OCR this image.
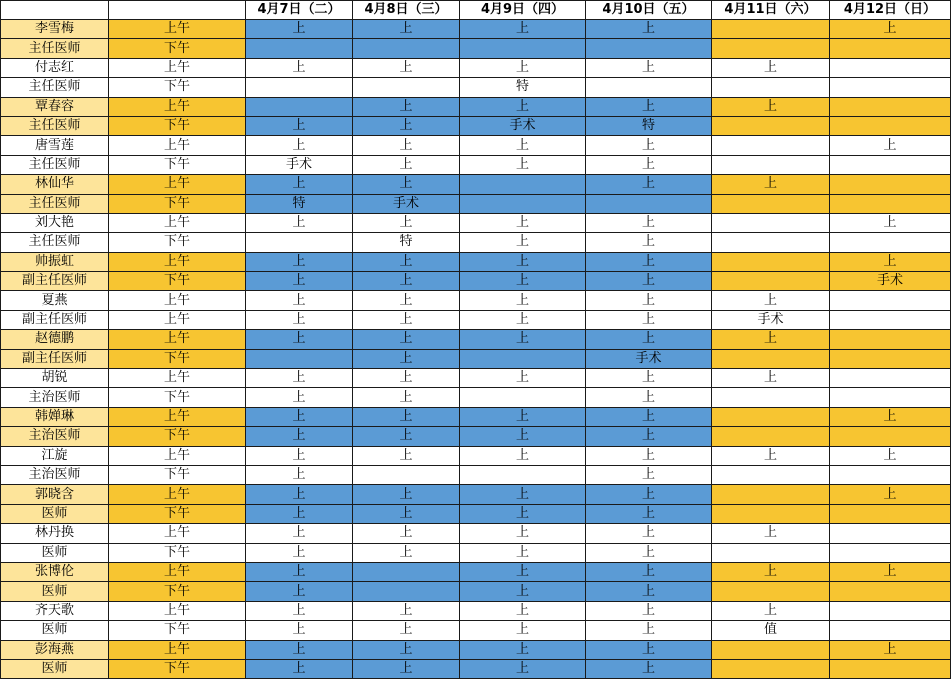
		4月7日（二）	4月8日（三）	4月9日（四）	4月10日（五）	4月11日（六）	4月12日（日）
李雪梅	上午	上	上	上	上		上
主任医师	下午						
付志红	上午	上	上	上	上	上	
主任医师	下午			特			
覃春容	上午		上	上	上	上	
主任医师	下午	上	上	手术	特		
唐雪莲	上午	上	上	上	上		上
主任医师	下午	手术	上	上	上		
林仙华	上午	上	上		上	上	
主任医师	下午	特	手术				
刘大艳	上午	上	上	上	上		上
主任医师	下午		特	上	上		
帅振虹	上午	上	上	上	上		上
副主任医师	下午	上	上	上	上		手术
夏燕	上午	上	上	上	上	上	
副主任医师	上午	上	上	上	上	手术	
赵德鹏	上午	上	上	上	上	上	
副主任医师	下午		上		手术		
胡锐	上午	上	上	上	上	上	
主治医师	下午	上	上		上		
韩婵琳	上午	上	上	上	上		上
主治医师	下午	上	上	上	上		
江旋	上午	上	上	上	上	上	上
主治医师	下午	上			上		
郭晓含	上午	上	上	上	上		上
医师	下午	上	上	上	上		
林丹换	上午	上	上	上	上	上	
医师	下午	上	上	上	上		
张博伦	上午	上		上	上	上	上
医师	下午	上		上	上		
齐天歌	上午	上	上	上	上	上	
医师	下午	上	上	上	上	值	
彭海燕	上午	上	上	上	上		上
医师	下午	上	上	上	上		
